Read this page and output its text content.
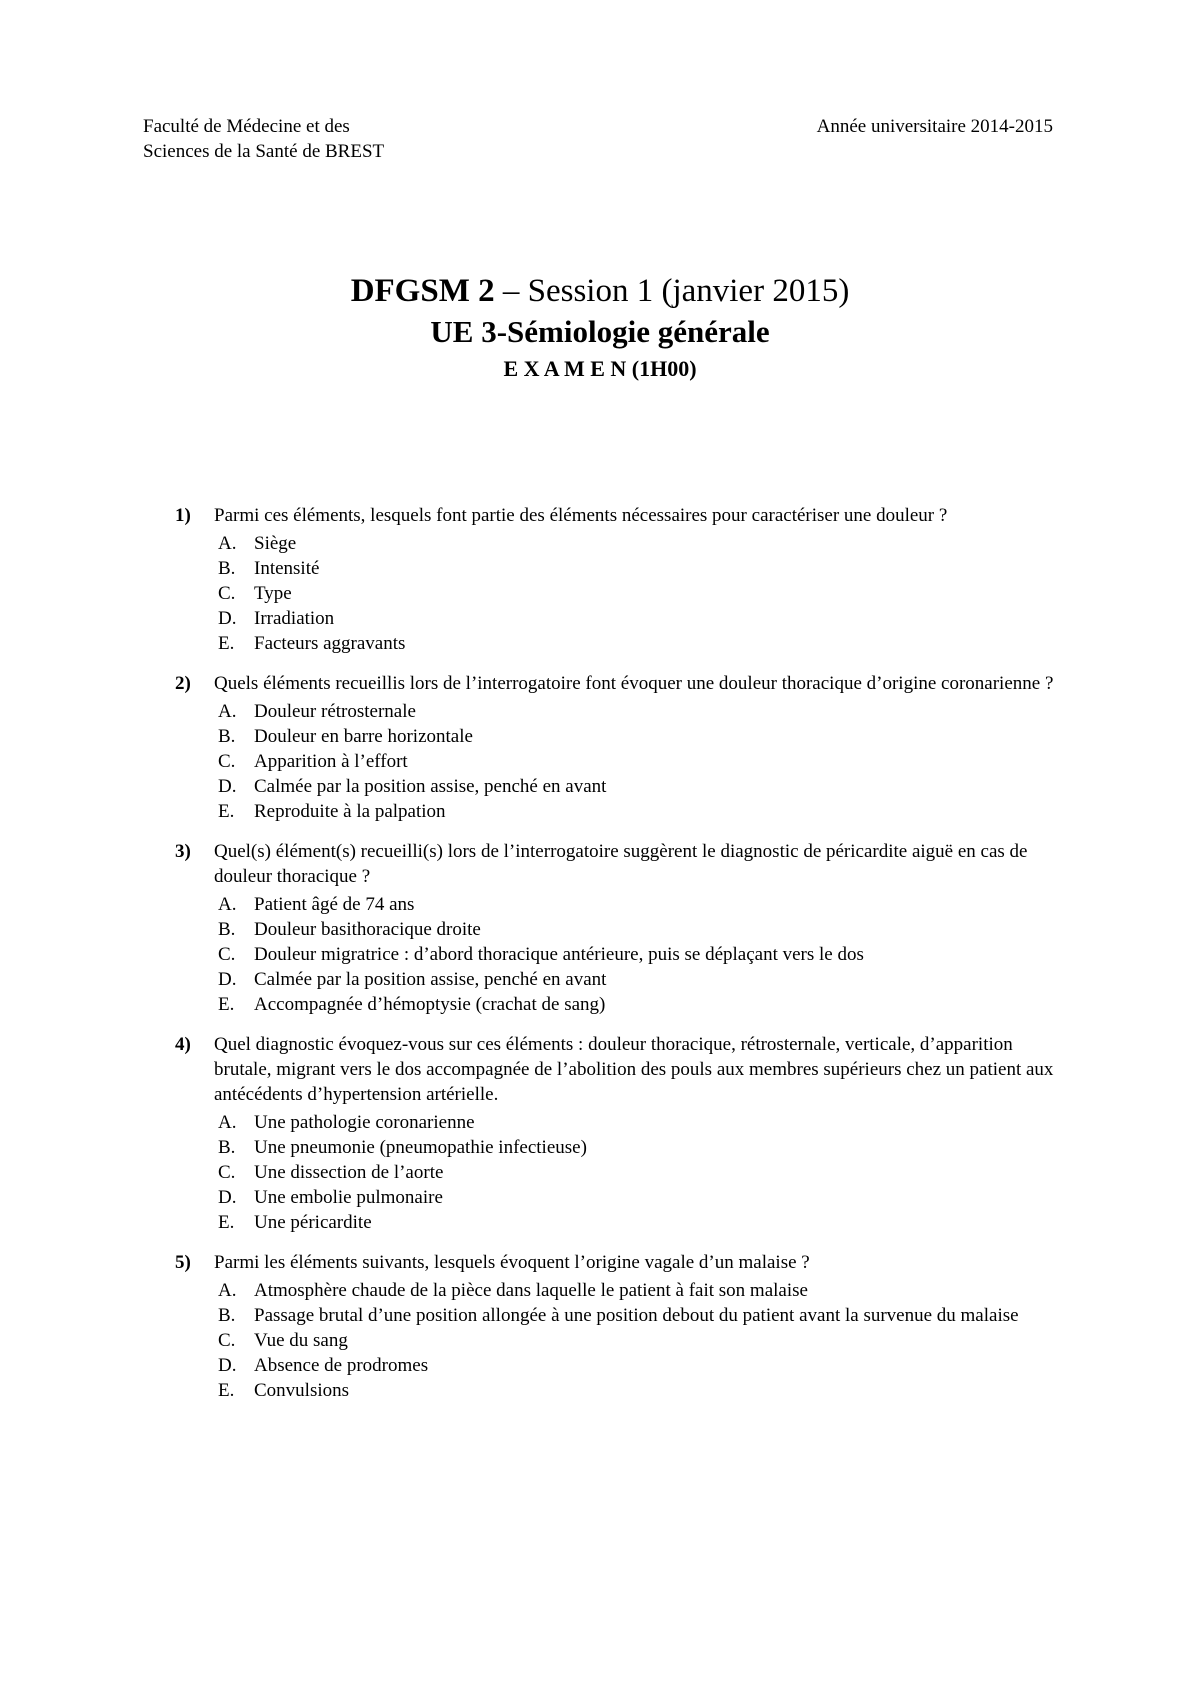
Faculté de Médecine et des
Sciences de la Santé de BREST
Année universitaire 2014-2015
DFGSM 2 – Session 1 (janvier 2015)
UE 3-Sémiologie générale
E X A M E N (1H00)
1)	Parmi ces éléments, lesquels font partie des éléments nécessaires pour caractériser une douleur ?
A. Siège
B. Intensité
C. Type
D. Irradiation
E.	Facteurs aggravants
2)	Quels éléments recueillis lors de l’interrogatoire font évoquer une douleur thoracique d’origine coronarienne ?
A. Douleur rétrosternale
B. Douleur en barre horizontale
C. Apparition à l’effort
D. Calmée par la position assise, penché en avant
E.	Reproduite à la palpation
3)	Quel(s) élément(s) recueilli(s) lors de l’interrogatoire suggèrent le diagnostic de péricardite aiguë en cas de douleur thoracique ?
A. Patient âgé de 74 ans
B. Douleur basithoracique droite
C. Douleur migratrice : d’abord thoracique antérieure, puis se déplaçant vers le dos
D. Calmée par la position assise, penché en avant
E.	Accompagnée d’hémoptysie (crachat de sang)
4)	Quel diagnostic évoquez-vous sur ces éléments : douleur thoracique, rétrosternale, verticale, d’apparition brutale, migrant vers le dos accompagnée de l’abolition des pouls aux membres supérieurs chez un patient aux antécédents d’hypertension artérielle.
A. Une pathologie coronarienne
B. Une pneumonie (pneumopathie infectieuse)
C. Une dissection de l’aorte
D. Une embolie pulmonaire
E.	Une péricardite
5)	Parmi les éléments suivants, lesquels évoquent l’origine vagale d’un malaise ?
A. Atmosphère chaude de la pièce dans laquelle le patient à fait son malaise
B. Passage brutal d’une position allongée à une position debout du patient avant la survenue du malaise
C. Vue du sang
D. Absence de prodromes
E.	Convulsions
